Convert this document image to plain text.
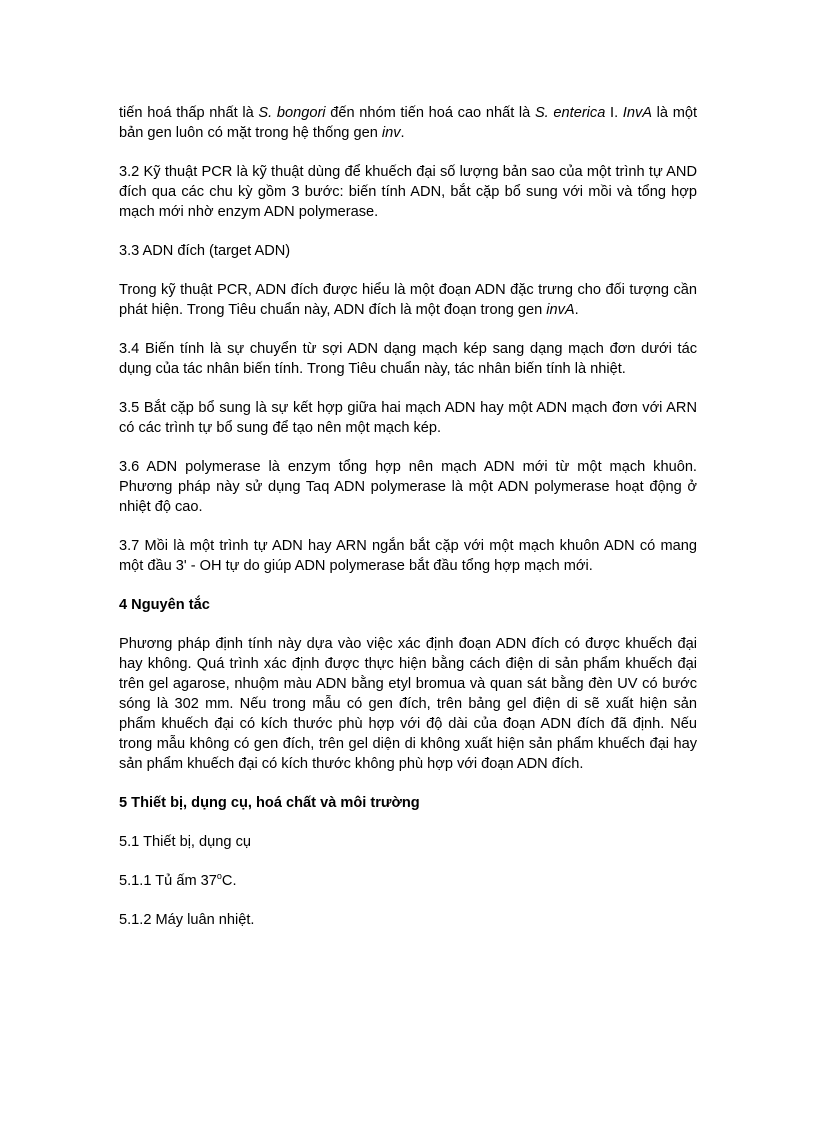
tiến hoá thấp nhất là S. bongori đến nhóm tiến hoá cao nhất là S. enterica I. InvA là một bản gen luôn có mặt trong hệ thống gen inv.

3.2 Kỹ thuật PCR là kỹ thuật dùng để khuếch đại số lượng bản sao của một trình tự AND đích qua các chu kỳ gồm 3 bước: biến tính ADN, bắt cặp bổ sung với mồi và tổng hợp mạch mới nhờ enzym ADN polymerase.

3.3 ADN đích (target ADN)

Trong kỹ thuật PCR, ADN đích được hiểu là một đoạn ADN đặc trưng cho đối tượng cần phát hiện. Trong Tiêu chuẩn này, ADN đích là một đoạn trong gen invA.

3.4 Biến tính là sự chuyển từ sợi ADN dạng mạch kép sang dạng mạch đơn dưới tác dụng của tác nhân biến tính. Trong Tiêu chuẩn này, tác nhân biến tính là nhiệt.

3.5 Bắt cặp bổ sung là sự kết hợp giữa hai mạch ADN hay một ADN mạch đơn với ARN có các trình tự bổ sung để tạo nên một mạch kép.

3.6 ADN polymerase là enzym tổng hợp nên mạch ADN mới từ một mạch khuôn. Phương pháp này sử dụng Taq ADN polymerase là một ADN polymerase hoạt động ở nhiệt độ cao.

3.7 Mồi là một trình tự ADN hay ARN ngắn bắt cặp với một mạch khuôn ADN có mang một đầu 3' - OH tự do giúp ADN polymerase bắt đầu tổng hợp mạch mới.

4 Nguyên tắc

Phương pháp định tính này dựa vào việc xác định đoạn ADN đích có được khuếch đại hay không. Quá trình xác định được thực hiện bằng cách điện di sản phẩm khuếch đại trên gel agarose, nhuộm màu ADN bằng etyl bromua và quan sát bằng đèn UV có bước sóng là 302 mm. Nếu trong mẫu có gen đích, trên bảng gel điện di sẽ xuất hiện sản phẩm khuếch đại có kích thước phù hợp với độ dài của đoạn ADN đích đã định. Nếu trong mẫu không có gen đích, trên gel diện di không xuất hiện sản phẩm khuếch đại hay sản phẩm khuếch đại có kích thước không phù hợp với đoạn ADN đích.

5 Thiết bị, dụng cụ, hoá chất và môi trường

5.1 Thiết bị, dụng cụ

5.1.1 Tủ ấm 37$^o$C.

5.1.2 Máy luân nhiệt.
